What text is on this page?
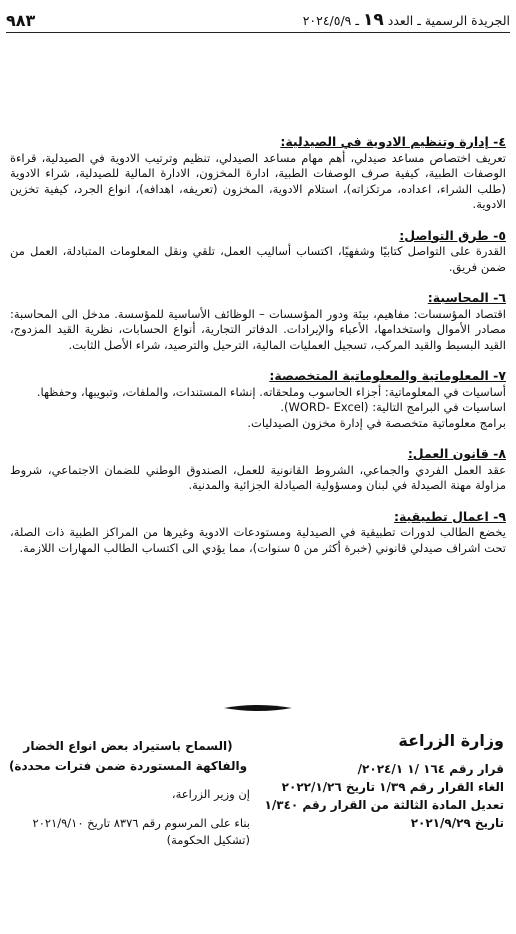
الجريدة الرسمية ـ العدد ١٩ ـ ٢٠٢٤/٥/٩
٩٨٣
٤- إدارة وتنظيم الادوية في الصيدلية:

تعريف اختصاص مساعد صيدلي، أهم مهام مساعد الصيدلي، تنظيم وترتيب الادوية في الصيدلية، قراءة الوصفات الطبية، كيفية صرف الوصفات الطبية، ادارة المخزون، الادارة المالية للصيدلية، شراء الادوية (طلب الشراء، اعداده، مرتكزاته)، استلام الادوية، المخزون (تعريفه، اهدافه)، انواع الجرد، كيفية تخزين الادوية.

٥- طرق التواصل:

القدرة على التواصل كتابيًا وشفهيًا، اكتساب أساليب العمل، تلقي ونقل المعلومات المتبادلة، العمل من ضمن فريق.

٦- المحاسبة:

اقتصاد المؤسسات: مفاهيم، بيئة ودور المؤسسات – الوظائف الأساسية للمؤسسة. مدخل الى المحاسبة: مصادر الأموال واستخدامها، الأعباء والإيرادات. الدفاتر التجارية، أنواع الحسابات، نظرية القيد المزدوج، القيد البسيط والقيد المركب، تسجيل العمليات المالية، الترحيل والترصيد، شراء الأصل الثابت.

٧- المعلوماتية والمعلوماتية المتخصصة:

أساسيات في المعلوماتية: أجزاء الحاسوب وملحقاته. إنشاء المستندات، والملفات، وتبويبها، وحفظها.

اساسيات في البرامج التالية: (WORD- Excel).

برامج معلوماتية متخصصة في إدارة مخزون الصيدليات.

٨- قانون العمل:

عقد العمل الفردي والجماعي، الشروط القانونية للعمل، الصندوق الوطني للضمان الاجتماعي، شروط مزاولة مهنة الصيدلة في لبنان ومسؤولية الصيادلة الجزائية والمدنية.

٩- اعمال تطبيقية:

يخضع الطالب لدورات تطبيقية في الصيدلية ومستودعات الادوية وغيرها من المراكز الطبية ذات الصلة، تحت اشراف صيدلي قانوني (خبرة أكثر من ٥ سنوات)، مما يؤدي الى اكتساب الطالب المهارات اللازمة.

وزارة الزراعة
قرار رقم ١٦٤ /١ ٢٠٢٤/١/
الغاء القرار رقم ١/٣٩ تاريخ ٢٠٢٢/١/٢٦
تعديل المادة الثالثة من القرار رقم ١/٣٤٠
تاريخ ٢٠٢١/٩/٢٩
(السماح باستيراد بعض انواع الخضار والفاكهة المستوردة ضمن فترات محددة)
إن وزير الزراعة،
بناء على المرسوم رقم ٨٣٧٦ تاريخ ٢٠٢١/٩/١٠
(تشكيل الحكومة)
